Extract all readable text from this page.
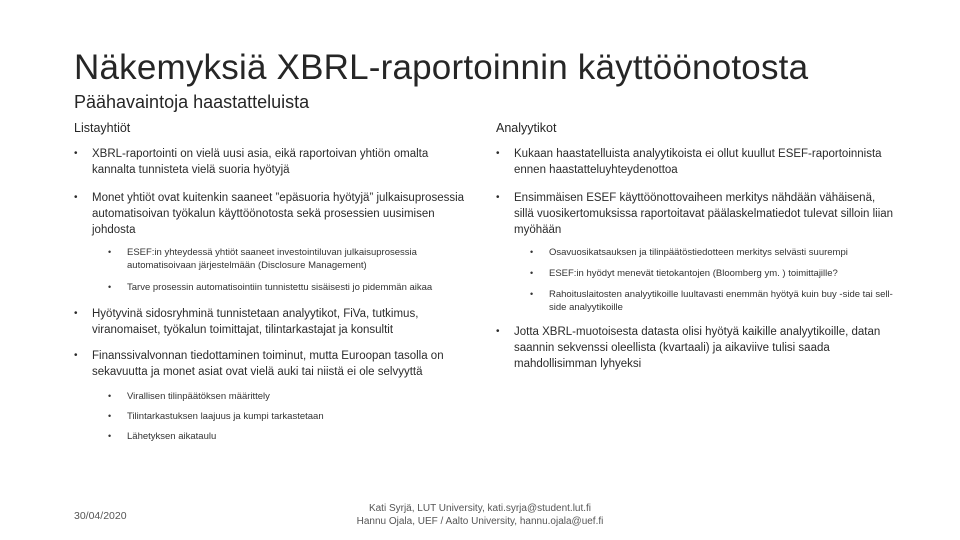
Näkemyksiä XBRL-raportoinnin käyttöönotosta
Päähavaintoja haastatteluista
Listayhtiöt	Analyytikot
• XBRL-raportointi on vielä uusi asia, eikä raportoivan yhtiön omalta kannalta tunnisteta vielä suoria hyötyjä
• Monet yhtiöt ovat kuitenkin saaneet ”epäsuoria hyötyjä” julkaisuprosessia automatisoivan työkalun käyttöönotosta sekä prosessien uusimisen johdosta
• ESEF:in yhteydessä yhtiöt saaneet investointiluvan julkaisuprosessia automatisoivaan järjestelmään (Disclosure Management)
• Tarve prosessin automatisointiin tunnistettu sisäisesti jo pidemmän aikaa
• Hyötyvinä sidosryhminä tunnistetaan analyytikot, FiVa, tutkimus, viranomaiset, työkalun toimittajat, tilintarkastajat ja konsultit
• Finanssivalvonnan tiedottaminen toiminut, mutta Euroopan tasolla on sekavuutta ja monet asiat ovat vielä auki tai niistä ei ole selvyyttä
• Virallisen tilinpäätöksen määrittely
• Tilintarkastuksen laajuus ja kumpi tarkastetaan
• Lähetyksen aikataulu
• Kukaan haastatelluista analyytikoista ei ollut kuullut ESEF-raportoinnista ennen haastatteluyhteydenottoa
• Ensimmäisen ESEF käyttöönottovaiheen merkitys nähdään vähäisenä, sillä vuosikertomuksissa raportoitavat päälaskelmatiedot tulevat silloin liian myöhään
• Osavuosikatsauksen ja tilinpäätöstiedotteen merkitys selvästi suurempi
• ESEF:in hyödyt menevät tietokantojen (Bloomberg ym. ) toimittajille?
• Rahoituslaitosten analyytikoille luultavasti enemmän hyötyä kuin buy -side tai sell-side analyytikoille
• Jotta XBRL-muotoisesta datasta olisi hyötyä kaikille analyytikoille, datan saannin sekvenssi oleellista (kvartaali) ja aikaviive tulisi saada mahdollisimman lyhyeksi
30/04/2020
Kati Syrjä, LUT University, kati.syrja@student.lut.fi
Hannu Ojala, UEF / Aalto University, hannu.ojala@uef.fi
